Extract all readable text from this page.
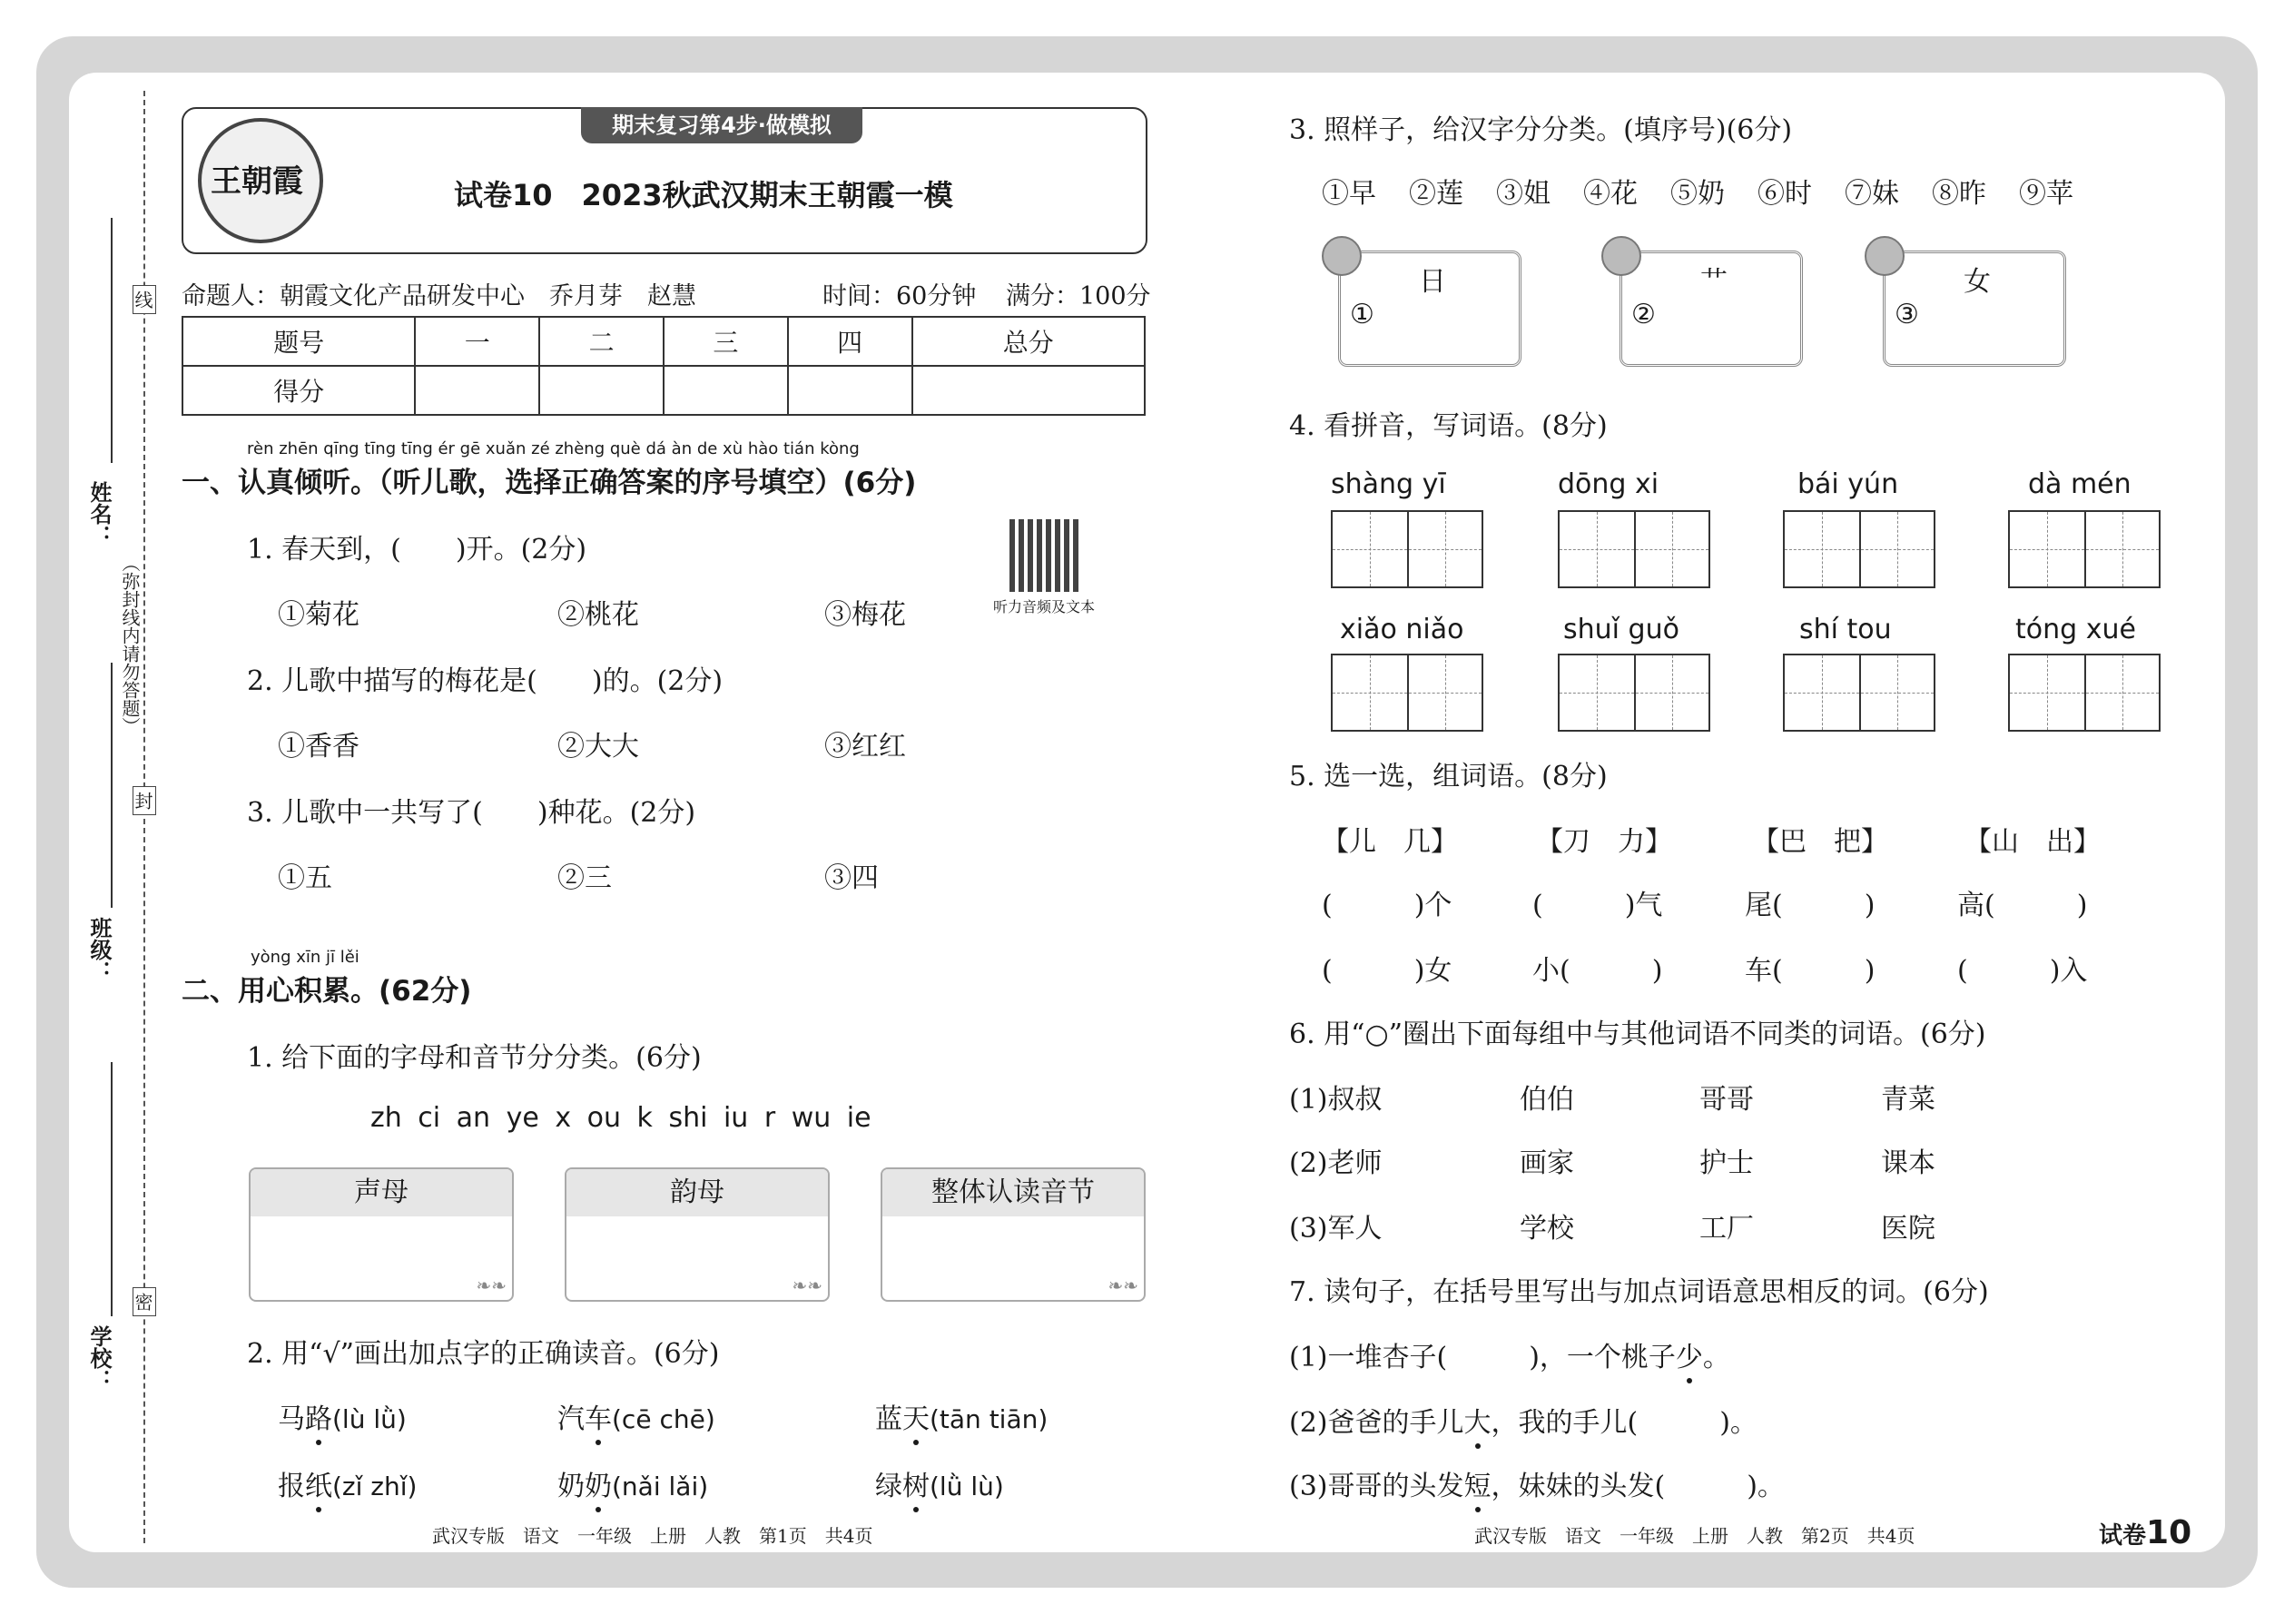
姓名：
班级：
学校：
线
封
密
（弥封线内请勿答题）
期末复习第4步·做模拟
王朝霞	试卷10　2023秋武汉期末王朝霞一模
命题人：朝霞文化产品研发中心　乔月芽　赵慧	时间：60分钟 满分：100分
题号	一	二	三	四	总分
得分					
rèn zhēn qīng tīng tīng ér gē xuǎn zé zhèng què dá àn de xù hào tián kòng
一、认真倾听。（听儿歌，选择正确答案的序号填空）(6分)
听力音频及文本
1. 春天到，(　　)开。(2分)
①菊花	②桃花	③梅花
2. 儿歌中描写的梅花是(　　)的。(2分)
①香香	②大大	③红红
3. 儿歌中一共写了(　　)种花。(2分)
①五	②三	③四
yòng xīn jī lěi
二、用心积累。(62分)
1. 给下面的字母和音节分分类。(6分)
zh ci an ye x ou k shi iu r wu ie
声母
❧❧
韵母
❧❧
整体认读音节
❧❧
2. 用“√”画出加点字的正确读音。(6分)
马路(lù lǜ)	汽车(cē chē)	蓝天(tān tiān)
报纸(zǐ zhǐ)	奶奶(nǎi lǎi)	绿树(lǜ lù)
武汉专版　语文　一年级　上册　人教　第1页　共4页
3. 照样子，给汉字分分类。(填序号)(6分)
①早 ②莲 ③姐 ④花 ⑤奶 ⑥时 ⑦妹 ⑧昨 ⑨苹
日
①
艹
②
女
③
4. 看拼音，写词语。(8分)
shàng yī	dōng xi	bái yún	dà mén
xiǎo niǎo	shuǐ guǒ	shí tou	tóng xué
5. 选一选，组词语。(8分)
【儿　几】	【刀　力】	【巴　把】	【山　出】
(　　　)个	(　　　)气	尾(　　　)	高(　　　)
(　　　)女	小(　　　)	车(　　　)	(　　　)入
6. 用“○”圈出下面每组中与其他词语不同类的词语。(6分)
(1)叔叔	伯伯	哥哥	青菜
(2)老师	画家	护士	课本
(3)军人	学校	工厂	医院
7. 读句子，在括号里写出与加点词语意思相反的词。(6分)
(1)一堆杏子(　　　)，一个桃子少。
(2)爸爸的手儿大，我的手儿(　　　)。
(3)哥哥的头发短，妹妹的头发(　　　)。
武汉专版　语文　一年级　上册　人教　第2页　共4页	试卷10
